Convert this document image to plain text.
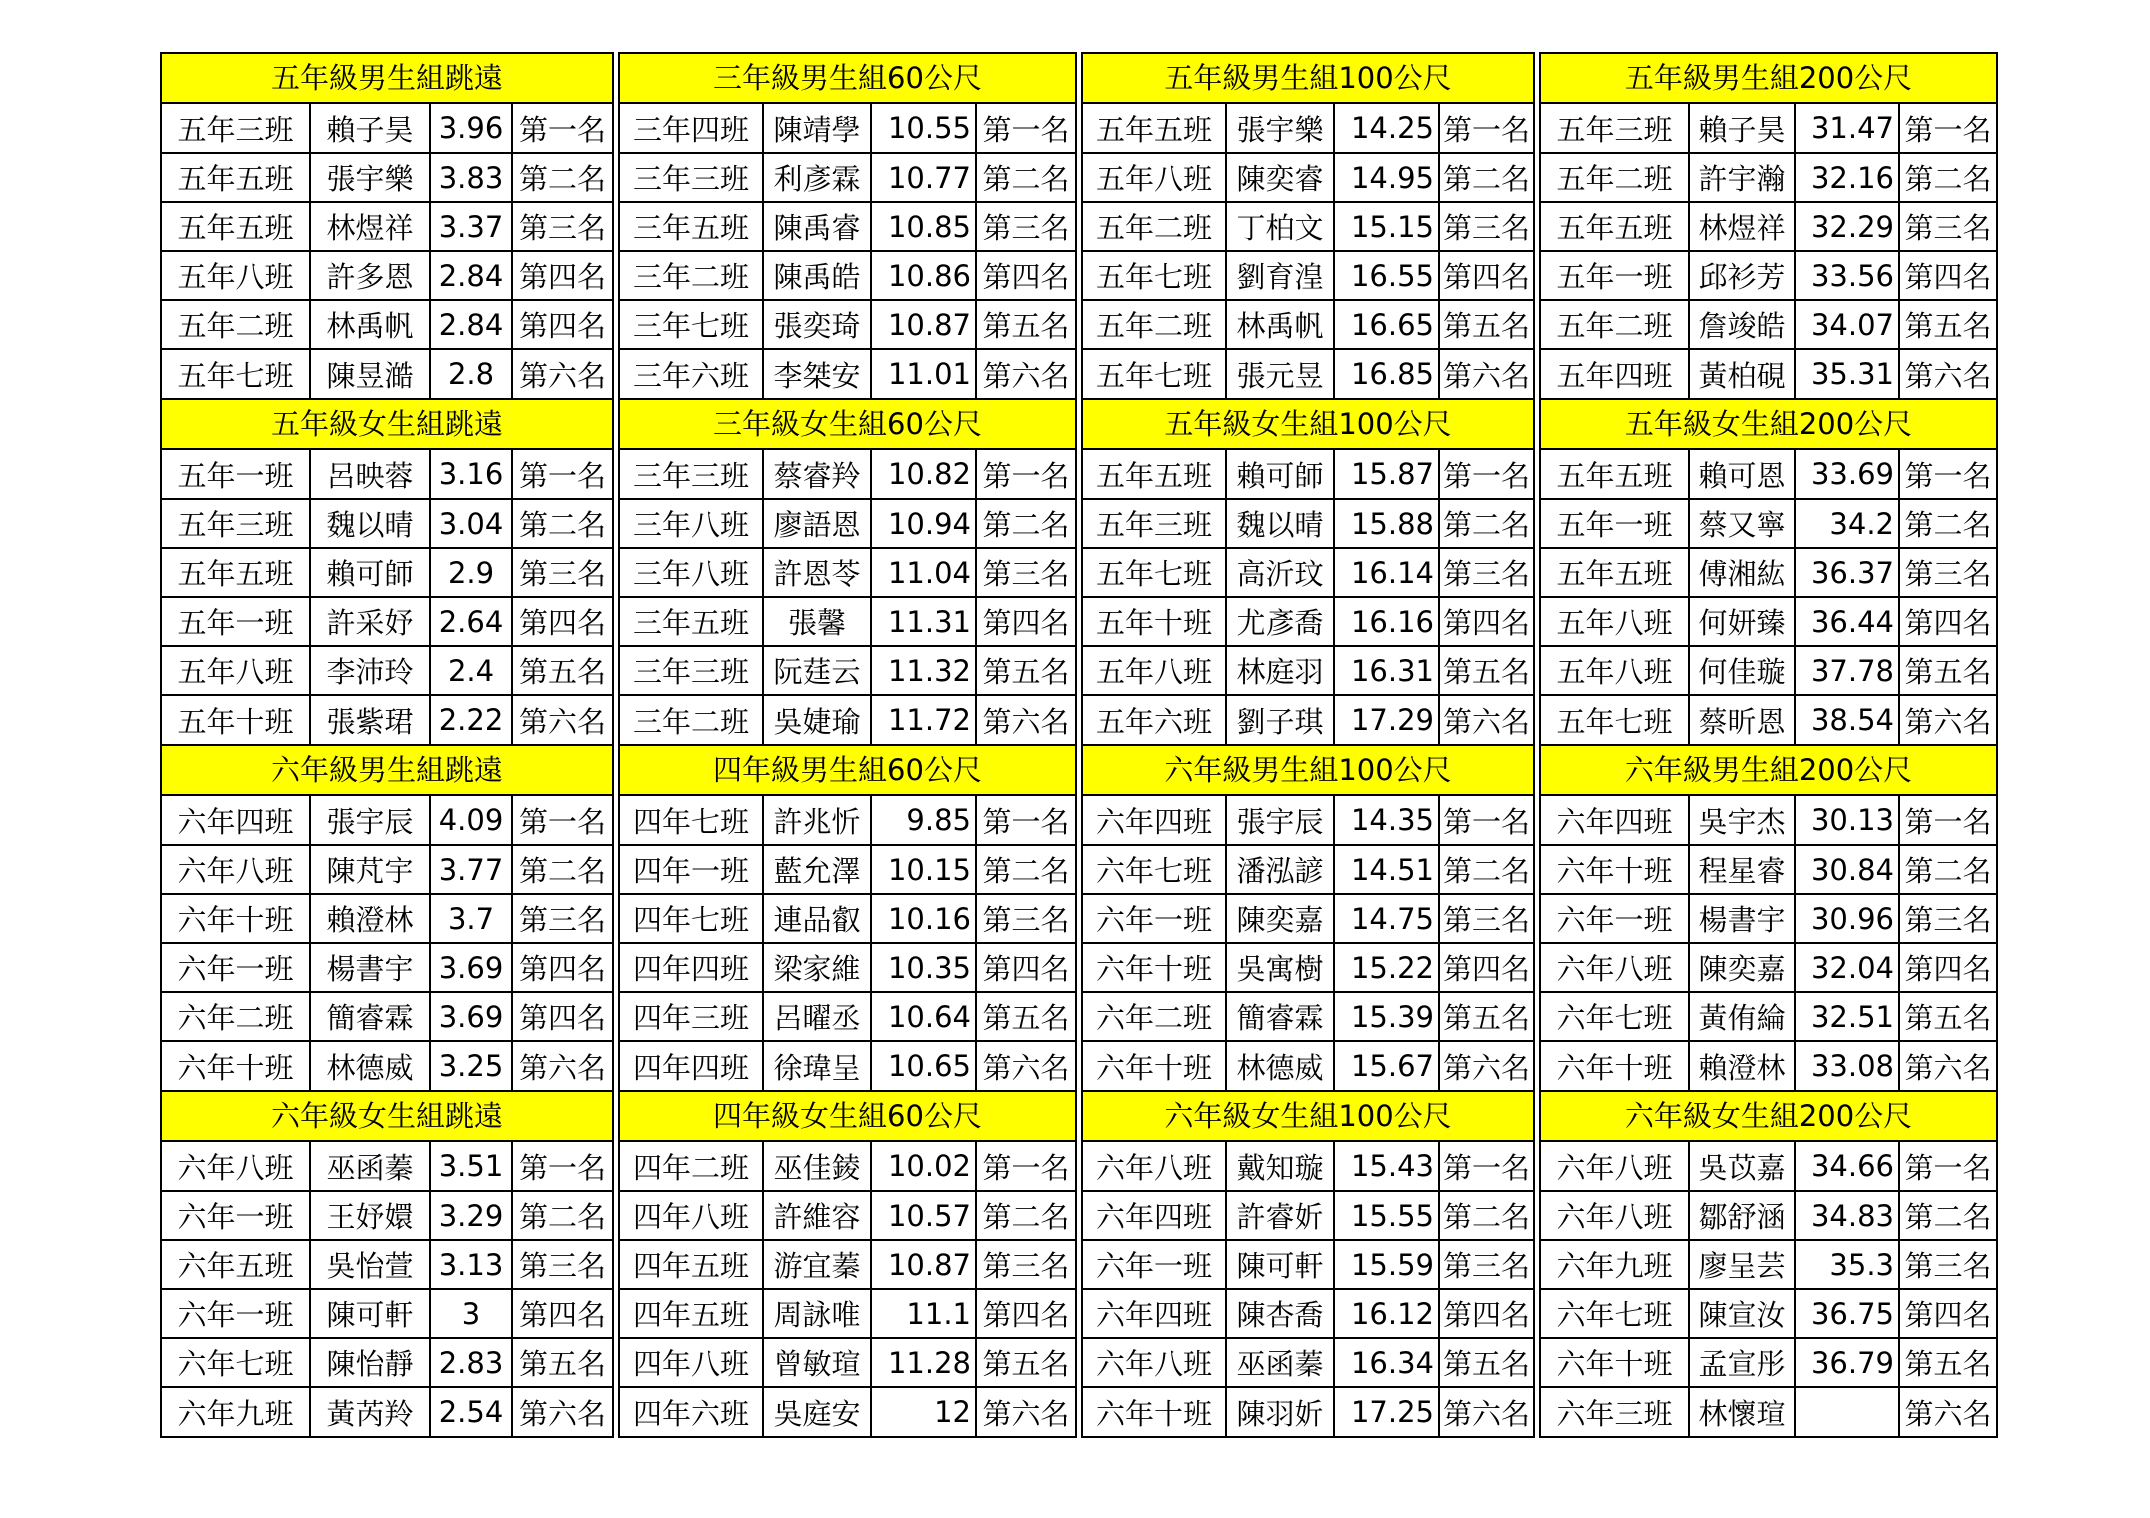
五年級男生組跳遠
五年三班	賴子昊	3.96	第一名
五年五班	張宇樂	3.83	第二名
五年五班	林煜祥	3.37	第三名
五年八班	許多恩	2.84	第四名
五年二班	林禹帆	2.84	第四名
五年七班	陳昱澔	2.8	第六名
三年級男生組60公尺
三年四班	陳靖學	10.55	第一名
三年三班	利彥霖	10.77	第二名
三年五班	陳禹睿	10.85	第三名
三年二班	陳禹皓	10.86	第四名
三年七班	張奕琦	10.87	第五名
三年六班	李桀安	11.01	第六名
五年級男生組100公尺
五年五班	張宇樂	14.25	第一名
五年八班	陳奕睿	14.95	第二名
五年二班	丁柏文	15.15	第三名
五年七班	劉育湟	16.55	第四名
五年二班	林禹帆	16.65	第五名
五年七班	張元昱	16.85	第六名
五年級男生組200公尺
五年三班	賴子昊	31.47	第一名
五年二班	許宇瀚	32.16	第二名
五年五班	林煜祥	32.29	第三名
五年一班	邱衫芳	33.56	第四名
五年二班	詹竣皓	34.07	第五名
五年四班	黃柏硯	35.31	第六名
五年級女生組跳遠
五年一班	呂映蓉	3.16	第一名
五年三班	魏以晴	3.04	第二名
五年五班	賴可師	2.9	第三名
五年一班	許采妤	2.64	第四名
五年八班	李沛玲	2.4	第五名
五年十班	張紫珺	2.22	第六名
三年級女生組60公尺
三年三班	蔡睿羚	10.82	第一名
三年八班	廖語恩	10.94	第二名
三年八班	許恩苓	11.04	第三名
三年五班	張馨	11.31	第四名
三年三班	阮莛云	11.32	第五名
三年二班	吳婕瑜	11.72	第六名
五年級女生組100公尺
五年五班	賴可師	15.87	第一名
五年三班	魏以晴	15.88	第二名
五年七班	高沂玟	16.14	第三名
五年十班	尤彥喬	16.16	第四名
五年八班	林庭羽	16.31	第五名
五年六班	劉子琪	17.29	第六名
五年級女生組200公尺
五年五班	賴可恩	33.69	第一名
五年一班	蔡又寧	34.2	第二名
五年五班	傅湘紘	36.37	第三名
五年八班	何妍臻	36.44	第四名
五年八班	何佳璇	37.78	第五名
五年七班	蔡昕恩	38.54	第六名
六年級男生組跳遠
六年四班	張宇辰	4.09	第一名
六年八班	陳芃宇	3.77	第二名
六年十班	賴澄林	3.7	第三名
六年一班	楊書宇	3.69	第四名
六年二班	簡睿霖	3.69	第四名
六年十班	林德威	3.25	第六名
四年級男生組60公尺
四年七班	許兆忻	9.85	第一名
四年一班	藍允澤	10.15	第二名
四年七班	連品叡	10.16	第三名
四年四班	梁家維	10.35	第四名
四年三班	呂曜丞	10.64	第五名
四年四班	徐瑋呈	10.65	第六名
六年級男生組100公尺
六年四班	張宇辰	14.35	第一名
六年七班	潘泓諺	14.51	第二名
六年一班	陳奕嘉	14.75	第三名
六年十班	吳寓樹	15.22	第四名
六年二班	簡睿霖	15.39	第五名
六年十班	林德威	15.67	第六名
六年級男生組200公尺
六年四班	吳宇杰	30.13	第一名
六年十班	程星睿	30.84	第二名
六年一班	楊書宇	30.96	第三名
六年八班	陳奕嘉	32.04	第四名
六年七班	黃侑綸	32.51	第五名
六年十班	賴澄林	33.08	第六名
六年級女生組跳遠
六年八班	巫函蓁	3.51	第一名
六年一班	王妤嬛	3.29	第二名
六年五班	吳怡萱	3.13	第三名
六年一班	陳可軒	3	第四名
六年七班	陳怡靜	2.83	第五名
六年九班	黃芮羚	2.54	第六名
四年級女生組60公尺
四年二班	巫佳錂	10.02	第一名
四年八班	許維容	10.57	第二名
四年五班	游宜蓁	10.87	第三名
四年五班	周詠唯	11.1	第四名
四年八班	曾敏瑄	11.28	第五名
四年六班	吳庭安	12	第六名
六年級女生組100公尺
六年八班	戴知璇	15.43	第一名
六年四班	許睿妡	15.55	第二名
六年一班	陳可軒	15.59	第三名
六年四班	陳杏喬	16.12	第四名
六年八班	巫函蓁	16.34	第五名
六年十班	陳羽妡	17.25	第六名
六年級女生組200公尺
六年八班	吳苡嘉	34.66	第一名
六年八班	鄒舒涵	34.83	第二名
六年九班	廖呈芸	35.3	第三名
六年七班	陳宣汝	36.75	第四名
六年十班	孟宣彤	36.79	第五名
六年三班	林懷瑄		第六名
